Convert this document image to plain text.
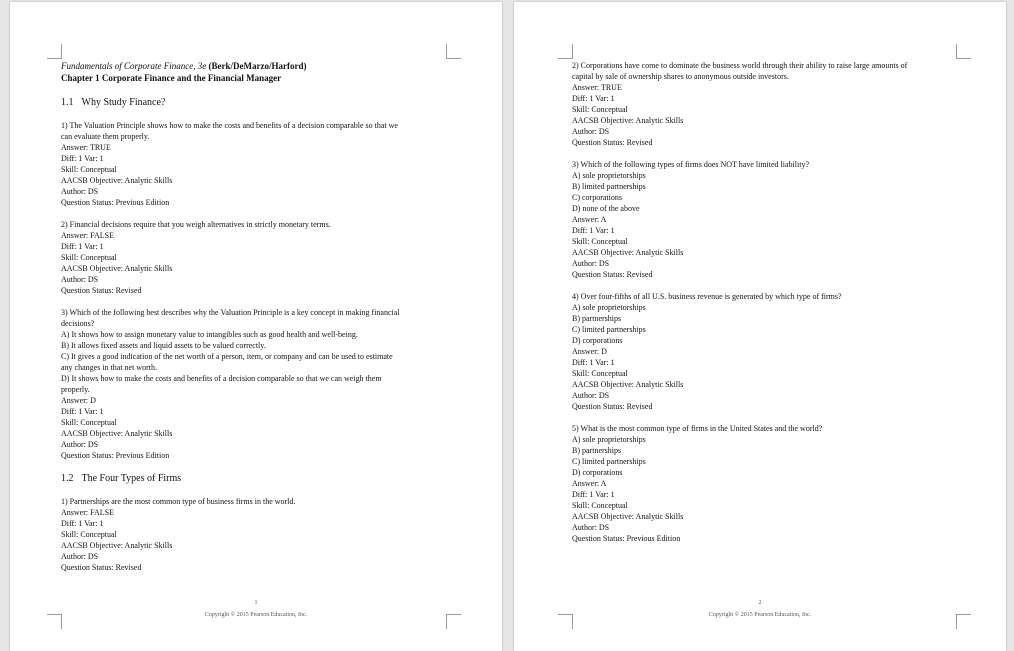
Fundamentals of Corporate Finance, 3e (Berk/DeMarzo/Harford)
Chapter 1 Corporate Finance and the Financial Manager
1.1 Why Study Finance?
1) The Valuation Principle shows how to make the costs and benefits of a decision comparable so that we
can evaluate them properly.
Answer: TRUE
Diff: 1 Var: 1
Skill: Conceptual
AACSB Objective: Analytic Skills
Author: DS
Question Status: Previous Edition
2) Financial decisions require that you weigh alternatives in strictly monetary terms.
Answer: FALSE
Diff: 1 Var: 1
Skill: Conceptual
AACSB Objective: Analytic Skills
Author: DS
Question Status: Revised
3) Which of the following best describes why the Valuation Principle is a key concept in making financial
decisions?
A) It shows how to assign monetary value to intangibles such as good health and well-being.
B) It allows fixed assets and liquid assets to be valued correctly.
C) It gives a good indication of the net worth of a person, item, or company and can be used to estimate
any changes in that net worth.
D) It shows how to make the costs and benefits of a decision comparable so that we can weigh them
properly.
Answer: D
Diff: 1 Var: 1
Skill: Conceptual
AACSB Objective: Analytic Skills
Author: DS
Question Status: Previous Edition
1.2 The Four Types of Firms
1) Partnerships are the most common type of business firms in the world.
Answer: FALSE
Diff: 1 Var: 1
Skill: Conceptual
AACSB Objective: Analytic Skills
Author: DS
Question Status: Revised
1
Copyright © 2015 Pearson Education, Inc.
2) Corporations have come to dominate the business world through their ability to raise large amounts of
capital by sale of ownership shares to anonymous outside investors.
Answer: TRUE
Diff: 1 Var: 1
Skill: Conceptual
AACSB Objective: Analytic Skills
Author: DS
Question Status: Revised
3) Which of the following types of firms does NOT have limited liability?
A) sole proprietorships
B) limited partnerships
C) corporations
D) none of the above
Answer: A
Diff: 1 Var: 1
Skill: Conceptual
AACSB Objective: Analytic Skills
Author: DS
Question Status: Revised
4) Over four-fifths of all U.S. business revenue is generated by which type of firms?
A) sole proprietorships
B) partnerships
C) limited partnerships
D) corporations
Answer: D
Diff: 1 Var: 1
Skill: Conceptual
AACSB Objective: Analytic Skills
Author: DS
Question Status: Revised
5) What is the most common type of firms in the United States and the world?
A) sole proprietorships
B) partnerships
C) limited partnerships
D) corporations
Answer: A
Diff: 1 Var: 1
Skill: Conceptual
AACSB Objective: Analytic Skills
Author: DS
Question Status: Previous Edition
2
Copyright © 2015 Pearson Education, Inc.
